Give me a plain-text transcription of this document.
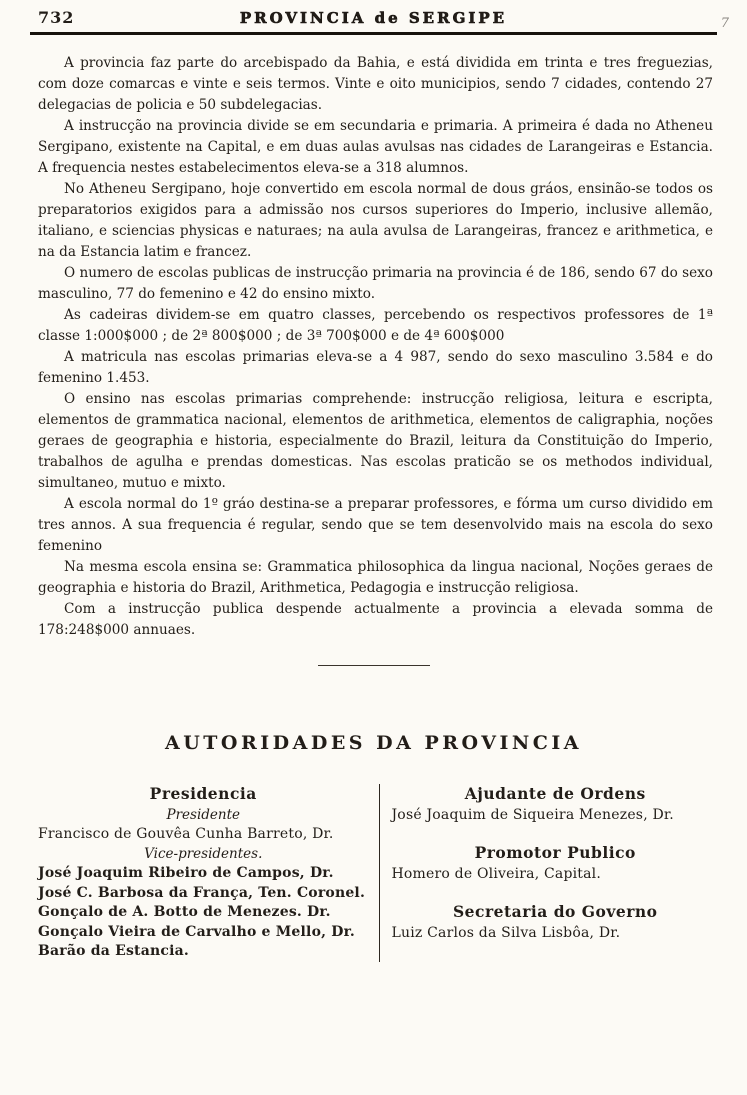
732	PROVINCIA de SERGIPE	7

A provincia faz parte do arcebispado da Bahia, e está dividida em trinta e tres freguezias, com doze comarcas e vinte e seis termos. Vinte e oito municipios, sendo 7 cidades, contendo 27 delegacias de policia e 50 subdelegacias.

A instrucção na provincia divide se em secundaria e primaria. A primeira é dada no Atheneu Sergipano, existente na Capital, e em duas aulas avulsas nas cidades de Larangeiras e Estancia. A frequencia nestes estabelecimentos eleva-se a 318 alumnos.

No Atheneu Sergipano, hoje convertido em escola normal de dous gráos, ensinão-se todos os preparatorios exigidos para a admissão nos cursos superiores do Imperio, inclusive allemão, italiano, e sciencias physicas e naturaes; na aula avulsa de Larangeiras, francez e arithmetica, e na da Estancia latim e francez.

O numero de escolas publicas de instrucção primaria na provincia é de 186, sendo 67 do sexo masculino, 77 do femenino e 42 do ensino mixto.

As cadeiras dividem-se em quatro classes, percebendo os respectivos professores de 1ª classe 1:000$000 ; de 2ª 800$000 ; de 3ª 700$000 e de 4ª 600$000

A matricula nas escolas primarias eleva-se a 4 987, sendo do sexo masculino 3.584 e do femenino 1.453.

O ensino nas escolas primarias comprehende: instrucção religiosa, leitura e escripta, elementos de grammatica nacional, elementos de arithmetica, elementos de caligraphia, noções geraes de geographia e historia, especialmente do Brazil, leitura da Constituição do Imperio, trabalhos de agulha e prendas domesticas. Nas escolas praticão se os methodos individual, simultaneo, mutuo e mixto.

A escola normal do 1º gráo destina-se a preparar professores, e fórma um curso dividido em tres annos. A sua frequencia é regular, sendo que se tem desenvolvido mais na escola do sexo femenino

Na mesma escola ensina se: Grammatica philosophica da lingua nacional, Noções geraes de geographia e historia do Brazil, Arithmetica, Pedagogia e instrucção religiosa.

Com a instrucção publica despende actualmente a provincia a elevada somma de 178:248$000 annuaes.

AUTORIDADES DA PROVINCIA

Presidencia

Presidente

Francisco de Gouvêa Cunha Barreto, Dr.

Vice-presidentes.

José Joaquim Ribeiro de Campos, Dr.

José C. Barbosa da França, Ten. Coronel.

Gonçalo de A. Botto de Menezes. Dr.

Gonçalo Vieira de Carvalho e Mello, Dr.

Barão da Estancia.

Ajudante de Ordens

José Joaquim de Siqueira Menezes, Dr.

Promotor Publico

Homero de Oliveira, Capital.

Secretaria do Governo

Luiz Carlos da Silva Lisbôa, Dr.
